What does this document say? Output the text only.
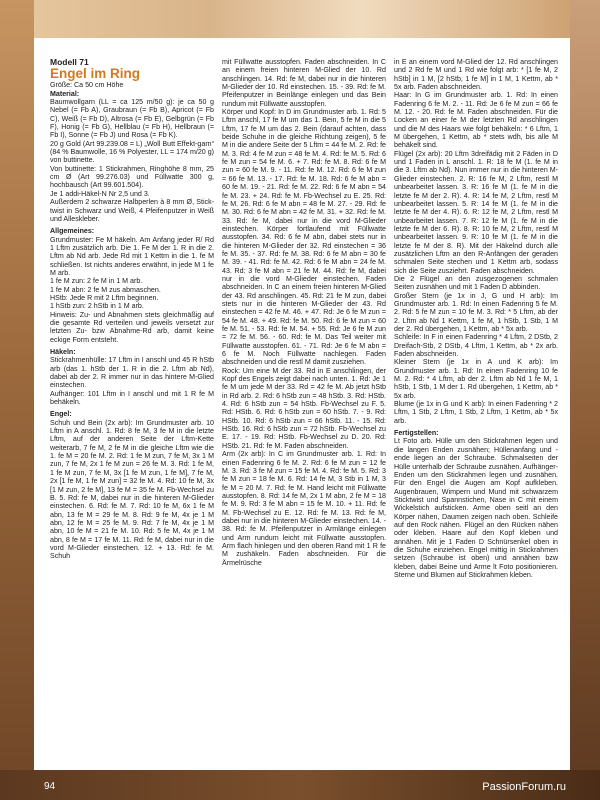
Modell 71

Engel im Ring

Größe: Ca 50 cm Höhe

Material:

Baumwollgarn (LL = ca 125 m/50 g): je ca 50 g Nebel (= Fb A), Graubraun (= Fb B), Apricot (= Fb C), Weiß (= Fb D), Altrosa (= Fb E), Gelbgrün (= Fb F), Honig (= Fb G), Hellblau (= Fb H), Hellbraun (= Fb I), Sonne (= Fb J) und Rosa (= Fb K).

20 g Gold (Art 99.239.08 = L) „Woll Butt Effekt-garn“ (84 % Baumwolle, 16 % Polyester, LL = 174 m/20 g) von buttinette.

Von buttinette: 1 Stickrahmen, Ringhöhe 8 mm, 25 cm Ø (Art 99.276.03) und Füllwatte 300 g, hochbausch (Art 99.601.504).

Je 1 addi-Häkel-N Nr 2,5 und 3.

Außerdem 2 schwarze Halbperlen à 8 mm Ø, Stick-twist in Schwarz und Weiß, 4 Pfeifenputzer in Weiß und Alleskleber.

Allgemeines:

Grundmuster: Fe M häkeln. Am Anfang jeder R/ Rd 1 Lftm zusätzlich arb. Die 1. Fe M der 1. R in die 2. Lftm ab Nd arb. Jede Rd mit 1 Kettm in die 1. fe M schließen. Ist nichts anderes erwähnt, in jede M 1 fe M arb.

1 fe M zun: 2 fe M in 1 M arb.

1 fe M abn: 2 fe M zus abmaschen.

HStb: Jede R mit 2 Lftm beginnen.

1 hStb zun: 2 hStb in 1 M arb.

Hinweis: Zu- und Abnahmen stets gleichmäßig auf die gesamte Rd verteilen und jeweils versetzt zur letzten Zu- bzw Abnahme-Rd arb, damit keine eckige Form entsteht.

Häkeln:

Stickrahmenhülle: 17 Lftm in I anschl und 45 R hStb arb (das 1. hStb der 1. R in die 2. Lftm ab Nd), dabei ab der 2. R immer nur in das hintere M-Glied einstechen.

Aufhänger: 101 Lftm in I anschl und mit 1 R fe M behäkeln.

Engel:

Schuh und Bein (2x arb): Im Grundmuster arb. 10 Lftm in A anschl. 1. Rd: 8 fe M, 3 fe M in die letzte Lftm, auf der anderen Seite der Lftm-Kette weiterarb, 7 fe M, 2 fe M in die gleiche Lftm wie die 1. fe M = 20 fe M. 2. Rd: 1 fe M zun, 7 fe M, 3x 1 M zun, 7 fe M, 2x 1 fe M zun = 26 fe M. 3. Rd: 1 fe M, 1 fe M zun, 7 fe M, 3x [1 fe M zun, 1 fe M], 7 fe M, 2x [1 fe M, 1 fe M zun] = 32 fe M. 4. Rd: 10 fe M, 3x [1 M zun, 2 fe M], 13 fe M = 35 fe M. Fb-Wechsel zu B. 5. Rd: fe M, dabei nur in die hinteren M-Glieder einstechen. 6. Rd: fe M. 7. Rd: 10 fe M, 6x 1 fe M abn, 13 fe M = 29 fe M. 8. Rd: 9 fe M, 4x je 1 M abn, 12 fe M = 25 fe M. 9. Rd: 7 fe M, 4x je 1 M abn, 10 fe M = 21 fe M. 10. Rd: 5 fe M, 4x je 1 M abn, 8 fe M = 17 fe M. 11. Rd: fe M, dabei nur in die vord M-Glieder einstechen. 12. + 13. Rd: fe M. Schuh

mit Füllwatte ausstopfen. Faden abschneiden. In C an einem freien hinteren M-Glied der 10. Rd anschlingen. 14. Rd: fe M, dabei nur in die hinteren M-Glieder der 10. Rd einstechen. 15. - 39. Rd: fe M. Pfeifenputzer in Beinlänge einlegen und das Bein rundum mit Füllwatte ausstopfen.

Körper und Kopf: In D im Grundmuster arb. 1. Rd: 5 Lftm anschl, 17 fe M um das 1. Bein, 5 fe M in die 5 Lftm, 17 fe M um das 2. Bein (darauf achten, dass beide Schuhe in die gleiche Richtung zeigen), 5 fe M in die andere Seite der 5 Lftm = 44 fe M. 2. Rd: fe M. 3. Rd: 4 fe M zun = 48 fe M. 4. Rd: fe M. 5. Rd: 6 fe M zun = 54 fe M. 6. + 7. Rd: fe M. 8. Rd: 6 fe M zun = 60 fe M. 9. - 11. Rd: fe M. 12. Rd: 6 fe M zun = 66 fe M. 13. - 17. Rd: fe M. 18. Rd: 6 fe M abn = 60 fe M. 19. - 21. Rd: fe M. 22. Rd: 6 fe M abn = 54 fe M. 23. + 24. Rd: fe M. Fb-Wechsel zu E. 25. Rd: fe M. 26. Rd: 6 fe M abn = 48 fe M. 27. - 29. Rd: fe M. 30. Rd: 6 fe M abn = 42 fe M. 31. + 32. Rd: fe M. 33. Rd: fe M, dabei nur in die vord M-Glieder einstechen. Körper fortlaufend mit Füllwatte ausstopfen. 34. Rd: 6 fe M abn, dabei stets nur in die hinteren M-Glieder der 32. Rd einstechen = 36 fe M. 35. - 37. Rd: fe M. 38. Rd: 6 fe M abn = 30 fe M. 39. - 41. Rd: fe M. 42. Rd: 6 fe M abn = 24 fe M. 43. Rd: 3 fe M abn = 21 fe M. 44. Rd: fe M, dabei nur in die vord M-Glieder einstechen. Faden abschneiden. In C an einem freien hinteren M-Glied der 43. Rd anschlingen. 45. Rd: 21 fe M zun, dabei stets nur in die hinteren M-Glieder der 43. Rd einstechen = 42 fe M. 46. + 47. Rd: Je 6 fe M zun = 54 fe M. 48. + 49. Rd: fe M. 50. Rd: 6 fe M zun = 60 fe M. 51. - 53. Rd: fe M. 54. + 55. Rd: Je 6 fe M zun = 72 fe M. 56. - 60. Rd: fe M. Das Teil weiter mit Füllwatte ausstopfen. 61. - 71. Rd: Je 6 fe M abn = 6 fe M. Noch Füllwatte nachlegen. Faden abschneiden und die restl M damit zusziehen.

Rock: Um eine M der 33. Rd in E anschlingen, der Kopf des Engels zeigt dabei nach unten. 1. Rd: Je 1 fe M um jede M der 33. Rd = 42 fe M. Ab jetzt hStb in Rd arb. 2. Rd: 6 hStb zun = 48 hStb. 3. Rd: HStb. 4. Rd: 6 hStb zun = 54 hStb. Fb-Wechsel zu F. 5. Rd: HStb. 6. Rd: 6 hStb zun = 60 hStb. 7. - 9. Rd: HStb. 10. Rd: 6 hStb zun = 66 hStb. 11. - 15. Rd: HStb. 16. Rd: 6 hStb zun = 72 hStb. Fb-Wechsel zu E. 17. - 19. Rd: HStb. Fb-Wechsel zu D. 20. Rd: HStb. 21. Rd: fe M. Faden abschneiden.

Arm (2x arb): In C im Grundmuster arb. 1. Rd: In einen Fadenring 6 fe M. 2. Rd: 6 fe M zun = 12 fe M. 3. Rd: 3 fe M zun = 15 fe M. 4. Rd: fe M. 5. Rd: 3 fe M zun = 18 fe M. 6. Rd: 14 fe M, 3 Stb in 1 M, 3 fe M = 20 M. 7. Rd: fe M. Hand leicht mit Füllwatte ausstopfen. 8. Rd: 14 fe M, 2x 1 M abn, 2 fe M = 18 fe M. 9. Rd: 3 fe M abn = 15 fe M. 10. + 11. Rd: fe M. Fb-Wechsel zu E. 12. Rd: fe M. 13. Rd: fe M, dabei nur in die hinteren M-Glieder einstechen. 14. - 38. Rd: fe M. Pfeifenputzer in Armlänge einlegen und Arm rundum leicht mit Füllwatte ausstopfen. Arm flach hinlegen und den oberen Rand mit 1 R fe M zushäkeln. Faden abschneiden. Für die Ärmelrüsche

in E an einem vord M-Glied der 12. Rd anschlingen und 2 Rd fe M und 1 Rd wie folgt arb: * [1 fe M, 2 hStb] in 1 M, [2 hStb, 1 fe M] in 1 M, 1 Kettm, ab * 5x arb. Faden abschneiden.

Haar: In G im Grundmuster arb. 1. Rd: In einen Fadenring 6 fe M. 2. - 11. Rd: Je 6 fe M zun = 66 fe M. 12. - 20. Rd: fe M. Faden abschneiden. Für die Locken an einer fe M der letzten Rd anschlingen und die M des Haars wie folgt behäkeln: * 6 Lftm, 1 M übergehen, 1 Kettm, ab * stets wdh, bis alle M behäkelt sind.

Flügel (2x arb): 20 Lftm 3dreifädig mit 2 Fäden in D und 1 Faden in L anschl. 1. R: 18 fe M (1. fe M in die 3. Lftm ab Nd). Nun immer nur in die hinteren M-Glieder einstechen. 2. R: 16 fe M, 2 Lftm, restl M unbearbeitet lassen. 3. R: 16 fe M (1. fe M in die letzte fe M der 2. R). 4. R: 14 fe M, 2 Lftm, restl M unbearbeitet lassen. 5. R: 14 fe M (1. fe M in die letzte fe M der 4. R). 6. R: 12 fe M, 2 Lftm, restl M unbearbeitet lassen. 7. R: 12 fe M (1. fe M in die letzte fe M der 6. R). 8. R: 10 fe M, 2 Lftm, restl M unbearbeitet lassen. 9. R: 10 fe M (1. fe M in die letzte fe M der 8. R). Mit der Häkelnd durch alle zusätzlichen Lftm an den R-Anfängen der geraden schmalen Seite stechen und 1 Kettm arb, sodass sich die Seite zusziehrt. Faden abschneiden.

Die 2 Flügel an den zusgezogenen schmalen Seiten zusnähen und mit 1 Faden D abbinden.

Großer Stern (je 1x in J, G und H arb): Im Grundmuster arb. 1. Rd: In einen Fadenring 5 fe M. 2. Rd: 5 fe M zun = 10 fe M. 3. Rd: * 5 Lftm, ab der 2. Lftm ab Nd 1 Kettm, 1 fe M, 1 hStb, 1 Stb, 1 M der 2. Rd übergehen, 1 Kettm, ab * 5x arb.

Schleife: In F in einen Fadenring * 4 Lftm, 2 DStb, 2 Dreifach-Stb, 2 DStb, 4 Lftm, 1 Kettm, ab * 2x arb. Faden abschneiden.

Kleiner Stern (je 1x in A und K arb): Im Grundmuster arb. 1. Rd: In einen Fadenring 10 fe M. 2. Rd: * 4 Lftm, ab der 2. Lftm ab Nd 1 fe M, 1 hStb, 1 Stb, 1 M der 1. Rd übergehen, 1 Kettm, ab * 5x arb.

Blume (je 1x in G und K arb): In einen Fadenring * 2 Lftm, 1 Stb, 2 Lftm, 1 Stb, 2 Lftm, 1 Kettm, ab * 5x arb.

Fertigstellen:

Lt Foto arb. Hülle um den Stickrahmen legen und die langen Enden zusnähen; Hüllenanfang und -ende liegen an der Schraube. Schmalseiten der Hülle unterhalb der Schraube zusnähen. Aufhänger-Enden um den Stickrahmen legen und zusnähen. Für den Engel die Augen am Kopf aufkleben. Augenbrauen, Wimpern und Mund mit schwarzem Sticktwist und Spannstichen, Nase in C mit einem Wickelstich aufsticken. Arme oben seitl an den Körper nähen, Daumen zeigen nach oben. Schleife auf den Rock nähen. Flügel an den Rücken nähen oder kleben. Haare auf den Kopf kleben und annähen. Mit je 1 Faden D Schnürsenkel oben in die Schuhe einziehen. Engel mittig in Stickrahmen setzen (Schraube ist oben) und annähen bzw kleben, dabei Beine und Arme lt Foto positionieren. Sterne und Blumen auf Stickrahmen kleben.

94	PassionForum.ru
